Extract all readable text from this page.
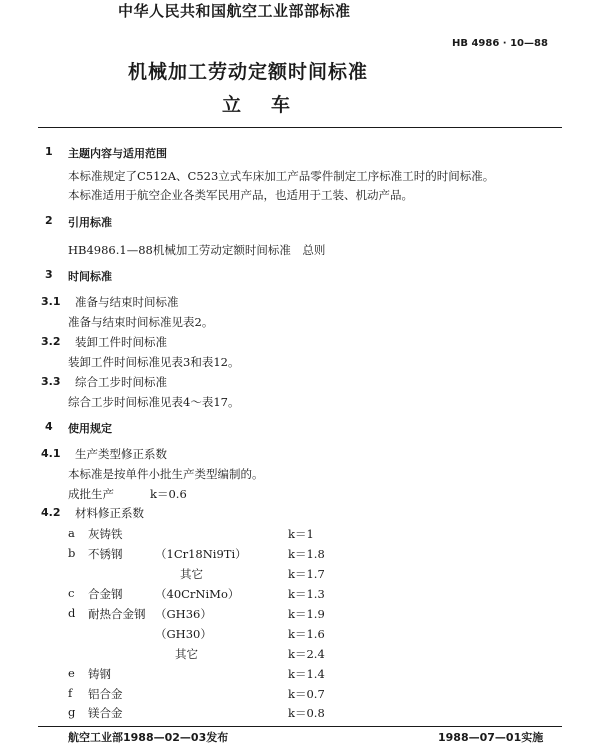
中华人民共和国航空工业部部标准
HB 4986 · 10—88
机械加工劳动定额时间标准
立车
1 主题内容与适用范围
本标准规定了C512A、C523立式车床加工产品零件制定工序标准工时的时间标准。
本标准适用于航空企业各类军民用产品，也适用于工装、机动产品。
2 引用标准
HB4986.1—88机械加工劳动定额时间标准　总则
3 时间标准
3.1 准备与结束时间标准
准备与结束时间标准见表2。
3.2 装卸工件时间标准
装卸工件时间标准见表3和表12。
3.3 综合工步时间标准
综合工步时间标准见表4～表17。
4 使用规定
4.1 生产类型修正系数
本标准是按单件小批生产类型编制的。
成批生产	k＝0.6
4.2 材料修正系数
a 灰铸铁	k＝1
b 不锈钢	（1Cr18Ni9Ti）	k＝1.8
其它	k＝1.7
c 合金钢	（40CrNiMo）	k＝1.3
d 耐热合金钢 （GH36）	k＝1.9
（GH30）	k＝1.6
其它	k＝2.4
e 铸钢	k＝1.4
f 铝合金	k＝0.7
g 镁合金	k＝0.8
航空工业部1988—02—03发布	1988—07—01实施
